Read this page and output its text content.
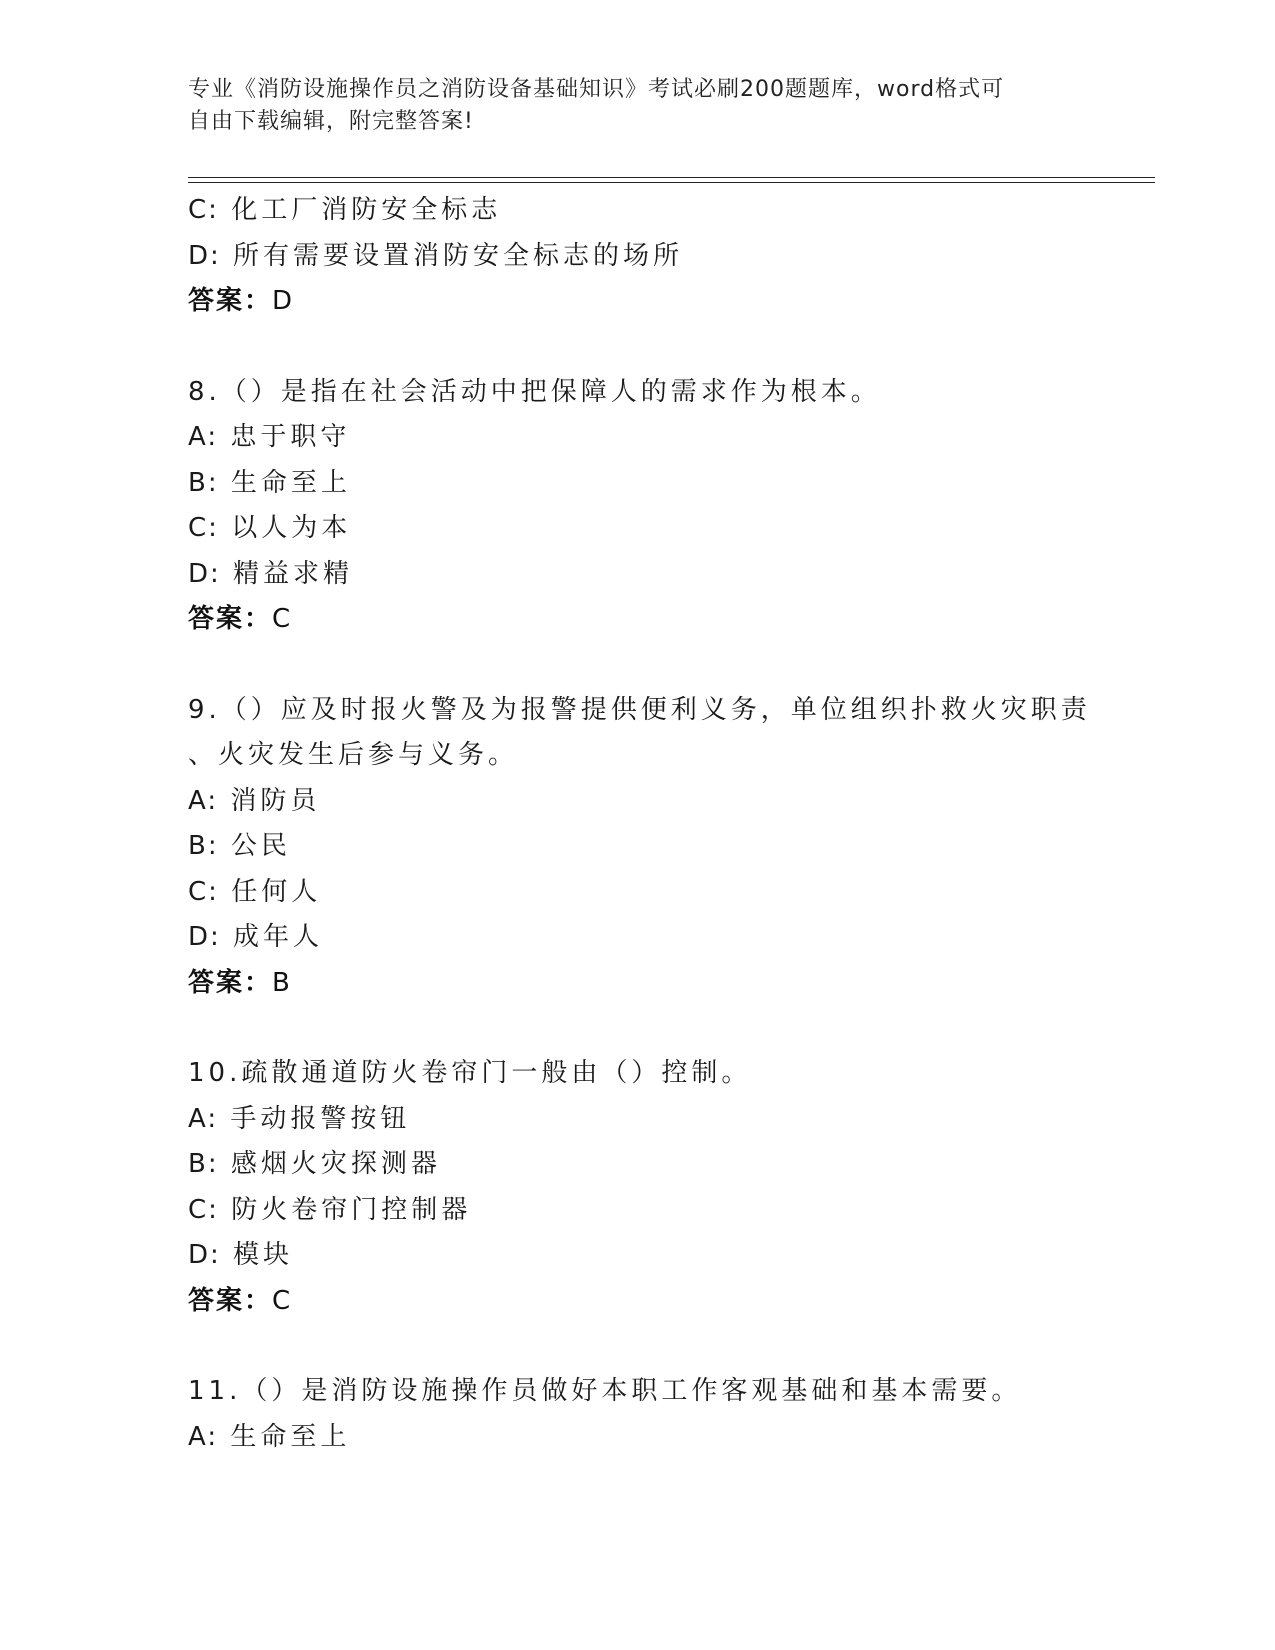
专业《消防设施操作员之消防设备基础知识》考试必刷200题题库，word格式可
自由下载编辑，附完整答案!
C: 化工厂消防安全标志
D: 所有需要设置消防安全标志的场所
答案：D
8.（）是指在社会活动中把保障人的需求作为根本。
A: 忠于职守
B: 生命至上
C: 以人为本
D: 精益求精
答案：C
9.（）应及时报火警及为报警提供便利义务，单位组织扑救火灾职责
、火灾发生后参与义务。
A: 消防员
B: 公民
C: 任何人
D: 成年人
答案：B
10.疏散通道防火卷帘门一般由（）控制。
A: 手动报警按钮
B: 感烟火灾探测器
C: 防火卷帘门控制器
D: 模块
答案：C
11.（）是消防设施操作员做好本职工作客观基础和基本需要。
A: 生命至上
